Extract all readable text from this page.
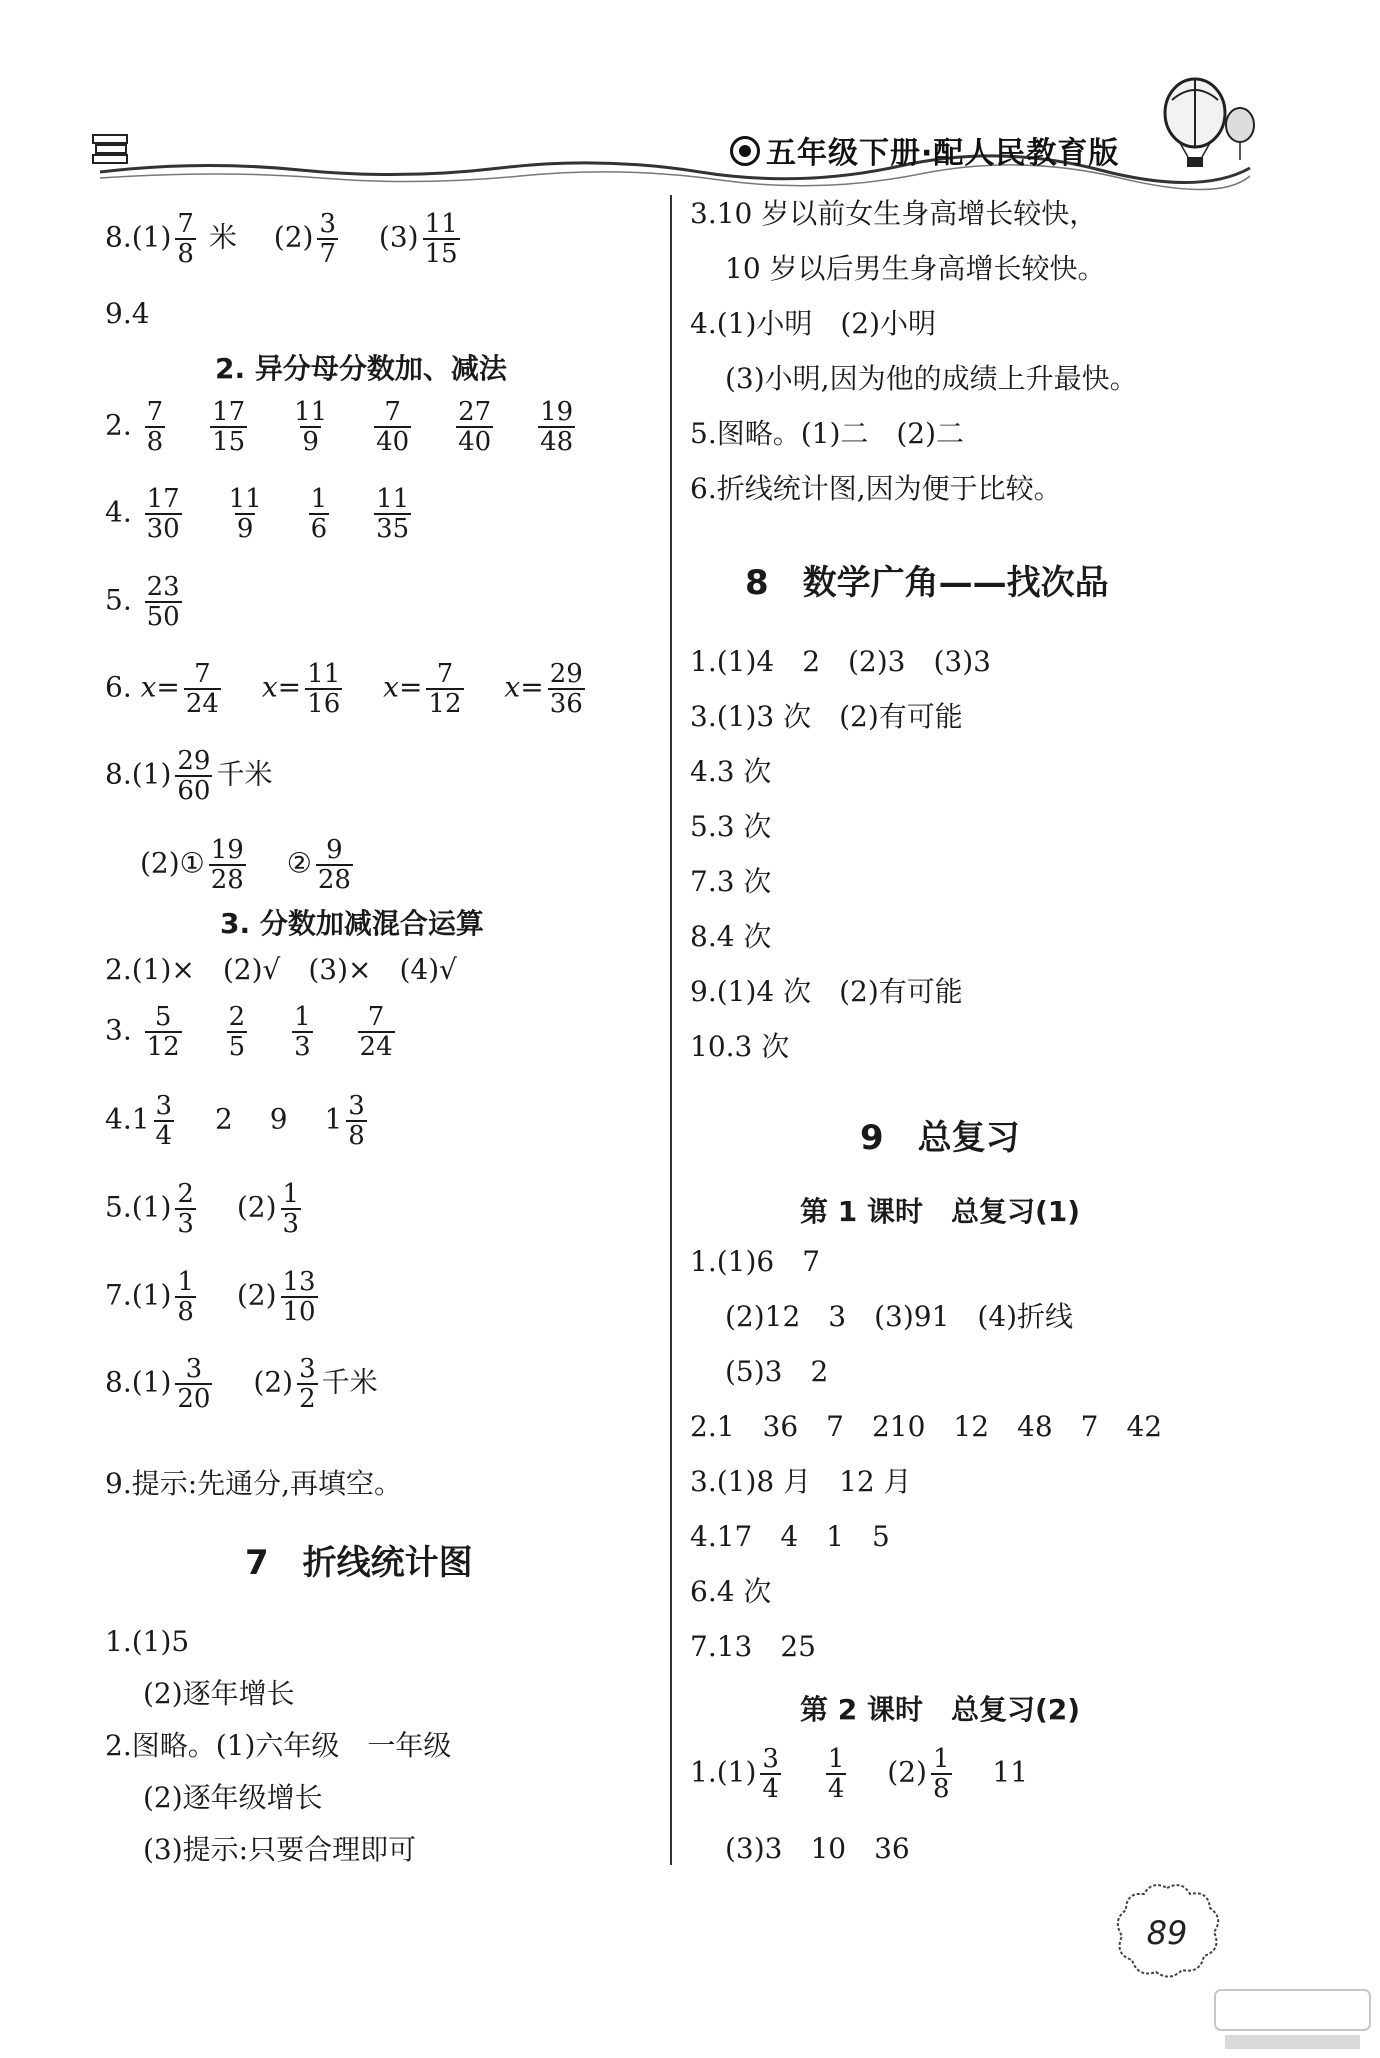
五年级下册·配人民教育版
$8.(1) \frac{7}{8}$ 米 $(2) \frac{3}{7} (3) \frac{11}{15}$
9.4
2. 异分母分数加、减法
2. $\frac{7}{8}$
$\frac{17}{15}$
$\frac{11}{9}$
$\frac{7}{40}$
$\frac{27}{40}$
$\frac{19}{48}$
4. $\frac{17}{30}$
$\frac{11}{9}$
$\frac{1}{6}$
$\frac{11}{35}$
5. $\frac{23}{50}$
6. $x= \frac{7}{24} x= \frac{11}{16} x= \frac{7}{12} x= \frac{29}{36}$
$8.(1) \frac{29}{60}$ 千米
(2)① $\frac{19}{28}$ ② $\frac{9}{28}$
3. 分数加减混合运算
2.(1)×　(2)√　(3)×　(4)√
3. $\frac{5}{12}$
$\frac{2}{5}$
$\frac{1}{3}$
$\frac{7}{24}$
$4.1 \frac{3}{4} 2$　 9 $1 \frac{3}{8}$
$5.(1) \frac{2}{3} (2) \frac{1}{3}$
$7.(1) \frac{1}{8} (2) \frac{13}{10}$
$8.(1) \frac{3}{20} (2) \frac{3}{2}$ 千米
9.提示:先通分,再填空。
7　折线统计图
1.(1)5
(2)逐年增长
2.图略。(1)六年级　一年级
(2)逐年级增长
(3)提示:只要合理即可
3.10 岁以前女生身高增长较快，
10 岁以后男生身高增长较快。
4.(1)小明　(2)小明
(3)小明,因为他的成绩上升最快。
5.图略。(1)二　(2)二
6.折线统计图,因为便于比较。
8　数学广角——找次品
1.(1)4　2　(2)3　(3)3
3.(1)3 次　(2)有可能
4.3 次
5.3 次
7.3 次
8.4 次
9.(1)4 次　(2)有可能
10.3 次
9　总复习
第 1 课时　总复习(1)
1.(1)6　7
(2)12　3　(3)91　(4)折线
(5)3　2
2.1　36　7　210　12　48　7　42
3.(1)8 月　12 月
4.17　4　1　5
6.4 次
7.13　25
第 2 课时　总复习(2)
$1.(1) \frac{3}{4}$
$\frac{1}{4} (2) \frac{1}{8} 11$
(3)3　10　36
89
